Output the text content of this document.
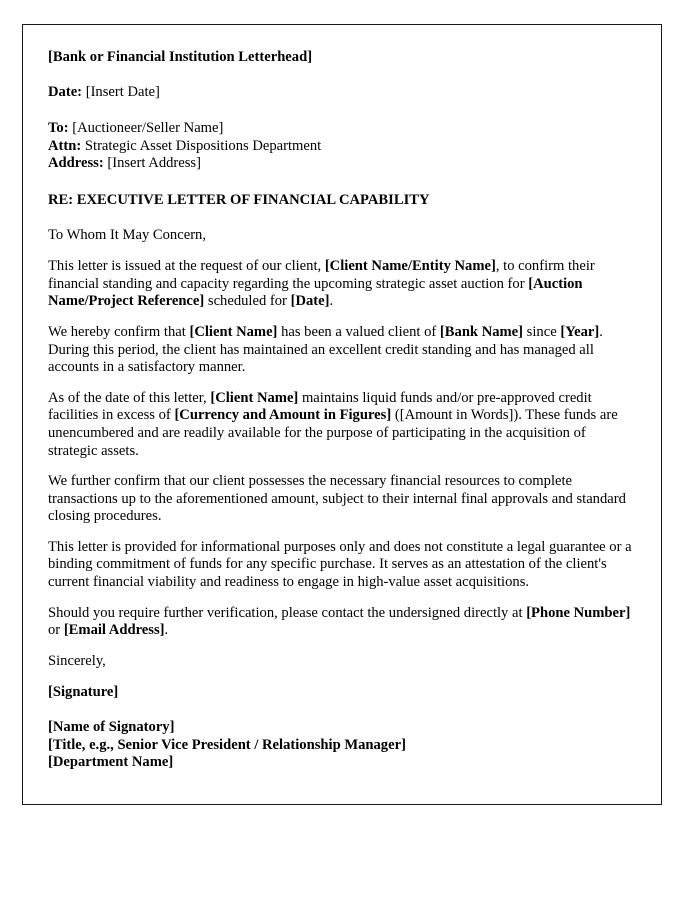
[Bank or Financial Institution Letterhead]

Date: [Insert Date]

To: [Auctioneer/Seller Name]
Attn: Strategic Asset Dispositions Department
Address: [Insert Address]

RE: EXECUTIVE LETTER OF FINANCIAL CAPABILITY

To Whom It May Concern,

This letter is issued at the request of our client, [Client Name/Entity Name], to confirm their financial standing and capacity regarding the upcoming strategic asset auction for [Auction Name/Project Reference] scheduled for [Date].

We hereby confirm that [Client Name] has been a valued client of [Bank Name] since [Year]. During this period, the client has maintained an excellent credit standing and has managed all accounts in a satisfactory manner.

As of the date of this letter, [Client Name] maintains liquid funds and/or pre-approved credit facilities in excess of [Currency and Amount in Figures] ([Amount in Words]). These funds are unencumbered and are readily available for the purpose of participating in the acquisition of strategic assets.

We further confirm that our client possesses the necessary financial resources to complete transactions up to the aforementioned amount, subject to their internal final approvals and standard closing procedures.

This letter is provided for informational purposes only and does not constitute a legal guarantee or a binding commitment of funds for any specific purchase. It serves as an attestation of the client's current financial viability and readiness to engage in high-value asset acquisitions.

Should you require further verification, please contact the undersigned directly at [Phone Number] or [Email Address].

Sincerely,

[Signature]

[Name of Signatory]
[Title, e.g., Senior Vice President / Relationship Manager]
[Department Name]
